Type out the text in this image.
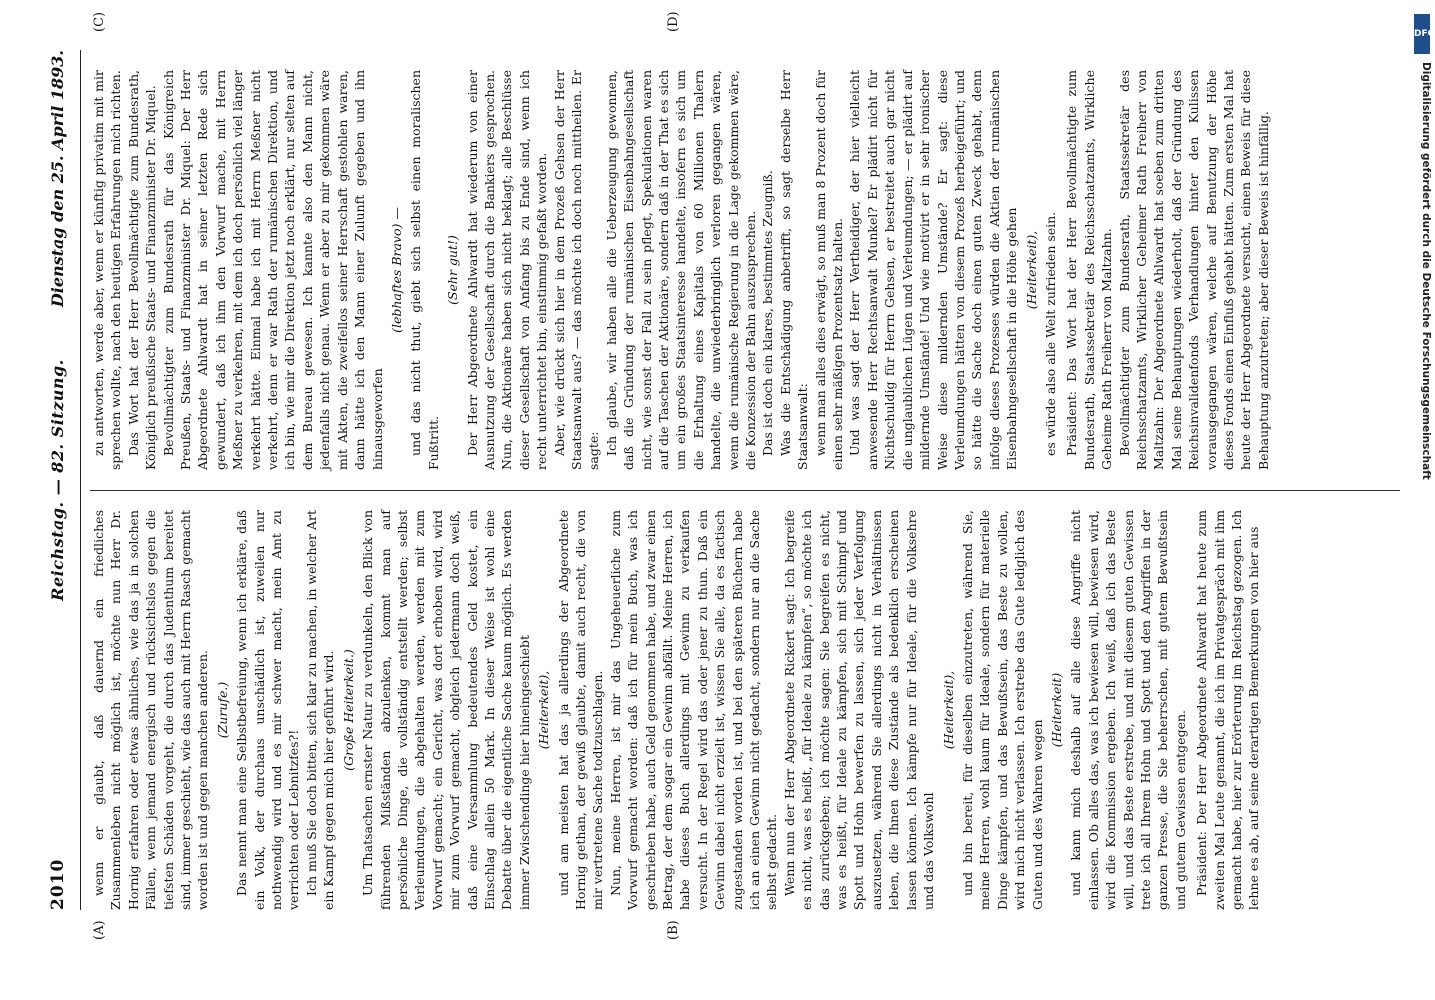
2010
Reichstag. — 82. Sitzung.
Dienstag den 25. April 1893.
(A)	(B)
(C)	(D)

wenn er glaubt, daß dauernd ein friedliches Zusammenleben nicht möglich ist, möchte nun Herr Dr. Hornig erfahren oder etwas ähnliches, wie das ja in solchen Fällen, wenn jemand energisch und rücksichtslos gegen die tiefsten Schäden vorgeht, die durch das Judenthum bereitet sind, immer geschieht, wie das auch mit Herrn Rasch gemacht worden ist und gegen manchen anderen. (Zurufe.) Das nennt man eine Selbstbefreiung, wenn ich erkläre, daß ein Volk, der durchaus unschädlich ist, zuweilen nur nothwendig wird und es mir schwer macht, mein Amt zu verrichten oder Lebnitzfes?! Ich muß Sie doch bitten, sich klar zu machen, in welcher Art ein Kampf gegen mich hier geführt wird. (Große Heiterkeit.) Um Thatsachen ernster Natur zu verdunkeln, den Blick von führenden Mißständen abzulenken, kommt man auf persönliche Dinge, die vollständig entstellt werden; selbst Verleumdungen, die abgehalten werden, werden mit zum Vorwurf gemacht; ein Gericht, was dort erhoben wird, wird mir zum Vorwurf gemacht, obgleich jedermann doch weiß, daß eine Versammlung bedeutendes Geld kostet, ein Einschlag allein 50 Mark. In dieser Weise ist wohl eine Debatte über die eigentliche Sache kaum möglich. Es werden immer Zwischendinge hier hineingeschiebt (Heiterkeit), und am meisten hat das ja allerdings der Abgeordnete Hornig gethan, der gewiß glaubte, damit auch recht, die von mir vertretene Sache todtzuschlagen. Nun, meine Herren, ist mir das Ungeheuerliche zum Vorwurf gemacht worden: daß ich für mein Buch, was ich geschrieben habe, auch Geld genommen habe, und zwar einen Betrag, der dem sogar ein Gewinn abfällt. Meine Herren, ich habe dieses Buch allerdings mit Gewinn zu verkaufen versucht. In der Regel wird das oder jener zu thun. Daß ein Gewinn dabei nicht erzielt ist, wissen Sie alle, da es factisch zugestanden worden ist, und bei den späteren Büchern habe ich an einen Gewinn nicht gedacht, sondern nur an die Sache selbst gedacht. Wenn nun der Herr Abgeordnete Rickert sagt: Ich begreife es nicht, was es heißt, „für Ideale zu kämpfen“, so möchte ich das zurückgeben; ich möchte sagen: Sie begreifen es nicht, was es heißt, für Ideale zu kämpfen, sich mit Schimpf und Spott und Hohn bewerfen zu lassen, sich jeder Verfolgung auszusetzen, während Sie allerdings nicht in Verhältnissen leben, die Ihnen diese Zustände als bedenklich erscheinen lassen können. Ich kämpfe nur für Ideale, für die Volksehre und das Volkswohl

(Heiterkeit), und bin bereit, für dieselben einzutreten, während Sie, meine Herren, wohl kaum für Ideale, sondern für materielle Dinge kämpfen, und das Bewußtsein, das Beste zu wollen, wird mich nicht verlassen. Ich erstrebe das Gute lediglich des Guten und des Wahren wegen

(Heiterkeit) und kann mich deshalb auf alle diese Angriffe nicht einlassen. Ob alles das, was ich bewiesen will, bewiesen wird, wird die Kommission ergeben. Ich weiß, daß ich das Beste will, und das Beste erstrebe, und mit diesem guten Gewissen trete ich all Ihrem Hohn und Spott und den Angriffen in der ganzen Presse, die Sie beherrschen, mit gutem Bewußtsein und gutem Gewissen entgegen. Präsident: Der Herr Abgeordnete Ahlwardt hat heute zum zweiten Mal Leute genannt, die ich im Privatgespräch mit ihm gemacht habe, hier zur Erörterung im Reichstag gezogen. Ich lehne es ab, auf seine derartigen Bemerkungen von hier aus

zu antworten, werde aber, wenn er künftig privatim mit mir sprechen wollte, nach den heutigen Erfahrungen mich richten. Das Wort hat der Herr Bevollmächtigte zum Bundesrath, Königlich preußische Staats- und Finanzminister Dr. Miquel. Bevollmächtigter zum Bundesrath für das Königreich Preußen, Staats- und Finanzminister Dr. Miquel: Der Herr Abgeordnete Ahlwardt hat in seiner letzten Rede sich gewundert, daß ich ihm den Vorwurf mache, mit Herrn Meßner zu verkehren, mit dem ich doch persönlich viel länger verkehrt hätte. Einmal habe ich mit Herrn Meßner nicht verkehrt, denn er war Rath der rumänischen Direktion, und ich bin, wie mir die Direktion jetzt noch erklärt, nur selten auf dem Bureau gewesen. Ich kannte also den Mann nicht, jedenfalls nicht genau. Wenn er aber zu mir gekommen wäre mit Akten, die zweifellos seiner Herrschaft gestohlen waren, dann hätte ich den Mann einer Zulunft gegeben und ihn hinausgeworfen

(lebhaftes Bravo) — und das nicht thut, giebt sich selbst einen moralischen Fußtritt.

(Sehr gut!) Der Herr Abgeordnete Ahlwardt hat wiederum von einer Ausnutzung der Gesellschaft durch die Bankiers gesprochen. Nun, die Aktionäre haben sich nicht beklagt; alle Beschlüsse dieser Gesellschaft von Anfang bis zu Ende sind, wenn ich recht unterrichtet bin, einstimmig gefaßt worden. Aber, wie drückt sich hier in dem Prozeß Gehsen der Herr Staatsanwalt aus? — das möchte ich doch noch mittheilen. Er sagte: Ich glaube, wir haben alle die Ueberzeugung gewonnen, daß die Gründung der rumänischen Eisenbahngesellschaft nicht, wie sonst der Fall zu sein pflegt, Spekulationen waren auf die Taschen der Aktionäre, sondern daß in der That es sich um ein großes Staatsinteresse handelte, insofern es sich um die Erhaltung eines Kapitals von 60 Millionen Thalern handelte, die unwiederbringlich verloren gegangen wären, wenn die rumänische Regierung in die Lage gekommen wäre, die Konzession der Bahn auszusprechen. Das ist doch ein klares, bestimmtes Zeugniß. Was die Entschädigung anbetrifft, so sagt derselbe Herr Staatsanwalt: wenn man alles dies erwägt, so muß man 8 Prozent doch für einen sehr mäßigen Prozentsatz halten. Und was sagt der Herr Vertheidiger, der hier vielleicht anwesende Herr Rechtsanwalt Munkel? Er plädirt nicht für Nichtschuldig für Herrn Gehsen, er bestreitet auch gar nicht die unglaublichen Lügen und Verleumdungen; — er plädirt auf mildernde Umstände! Und wie motivirt er in sehr ironischer Weise diese mildernden Umstände? Er sagt: diese Verleumdungen hätten von diesem Prozeß herbeigeführt; und so hätte die Sache doch einen guten Zweck gehabt, denn infolge dieses Prozesses würden die Aktien der rumänischen Eisenbahngesellschaft in die Höhe gehen (Heiterkeit), es würde also alle Welt zufrieden sein. Präsident: Das Wort hat der Herr Bevollmächtigte zum Bundesrath, Staatssekretär des Reichsschatzamts, Wirkliche Geheime Rath Freiherr von Maltzahn. Bevollmächtigter zum Bundesrath, Staatssekretär des Reichsschatzamts, Wirklicher Geheimer Rath Freiherr von Maltzahn: Der Abgeordnete Ahlwardt hat soeben zum dritten Mal seine Behauptungen wiederholt, daß der Gründung des Reichsinvalidenfonds Verhandlungen hinter den Kulissen vorausgegangen wären, welche auf Benutzung der Höhe dieses Fonds einen Einfluß gehabt hätten. Zum ersten Mal hat heute der Herr Abgeordnete versucht, einen Beweis für diese Behauptung anzutreten; aber dieser Beweis ist hinfällig.

DFG
Digitalisierung gefördert durch die Deutsche Forschungsgemeinschaft
